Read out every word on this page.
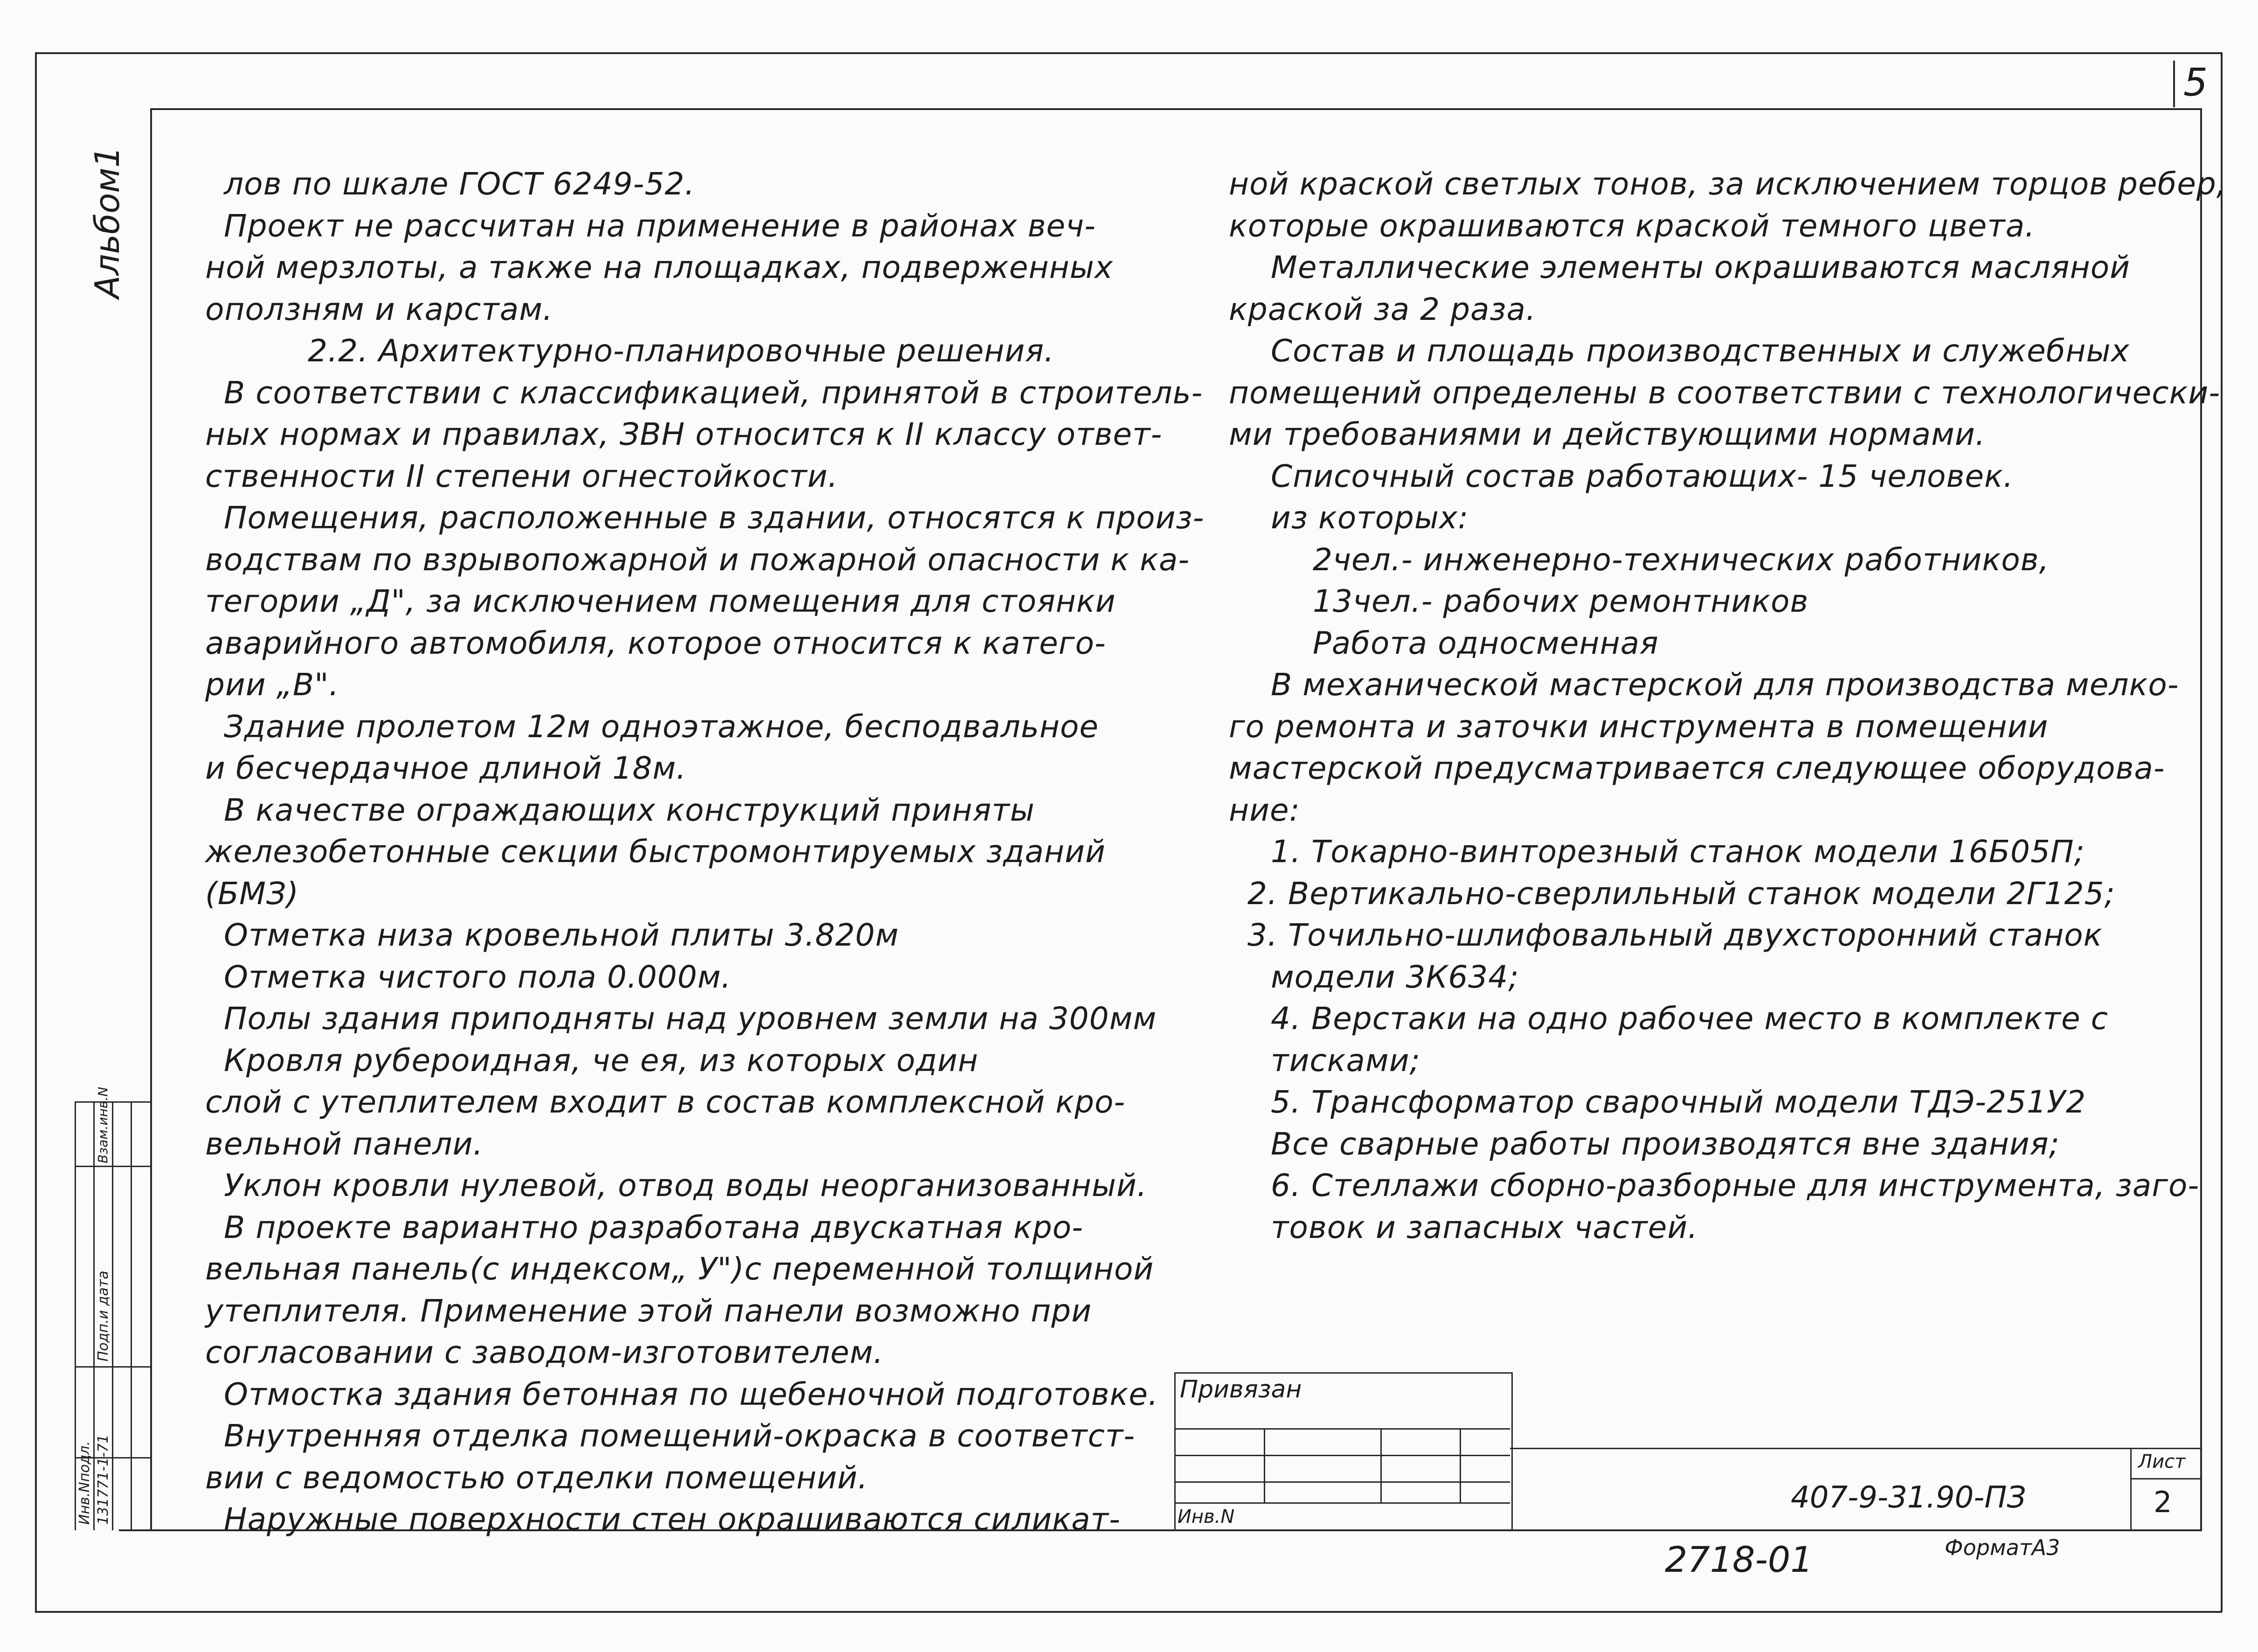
5
Альбом1	лов по шкале ГОСТ 6249-52.
Проект не рассчитан на применение в районах веч-
ной мерзлоты, а также на площадках, подверженных
оползням и карстам.
2.2. Архитектурно-планировочные решения.
В соответствии с классификацией, принятой в строитель-
ных нормах и правилах, ЗВН относится к II классу ответ-
ственности II степени огнестойкости.
Помещения, расположенные в здании, относятся к произ-
водствам по взрывопожарной и пожарной опасности к ка-
тегории „Д", за исключением помещения для стоянки
аварийного автомобиля, которое относится к катего-
рии „В".
Здание пролетом 12м одноэтажное, бесподвальное
и бесчердачное длиной 18м.
В качестве ограждающих конструкций приняты
железобетонные секции быстромонтируемых зданий
(БМЗ)
Отметка низа кровельной плиты 3.820м
Отметка чистого пола 0.000м.
Полы здания приподняты над уровнем земли на 300мм
Кровля рубероидная, че ея, из которых один
слой с утеплителем входит в состав комплексной кро-
вельной панели.
Уклон кровли нулевой, отвод воды неорганизованный.
В проекте вариантно разработана двускатная кро-
вельная панель(с индексом„ У")с переменной толщиной
утеплителя. Применение этой панели возможно при
согласовании с заводом-изготовителем.
Отмостка здания бетонная по щебеночной подготовке.
Внутренняя отделка помещений-окраска в соответст-
вии с ведомостью отделки помещений.
Наружные поверхности стен окрашиваются силикат-
ной краской светлых тонов, за исключением торцов ребер,
которые окрашиваются краской темного цвета.
Металлические элементы окрашиваются масляной
краской за 2 раза.
Состав и площадь производственных и служебных
помещений определены в соответствии с технологически-
ми требованиями и действующими нормами.
Списочный состав работающих- 15 человек.
из которых:
2чел.- инженерно-технических работников,
13чел.- рабочих ремонтников
Работа односменная
В механической мастерской для производства мелко-
го ремонта и заточки инструмента в помещении
мастерской предусматривается следующее оборудова-
ние:
1. Токарно-винторезный станок модели 16Б05П;
2. Вертикально-сверлильный станок модели 2Г125;
3. Точильно-шлифовальный двухсторонний станок
модели 3К634;
4. Верстаки на одно рабочее место в комплекте с
тисками;
5. Трансформатор сварочный модели ТДЭ-251У2
Все сварные работы производятся вне здания;
6. Стеллажи сборно-разборные для инструмента, заго-
товок и запасных частей.
Привязан
Инв.N
407-9-31.90-ПЗ
Лист
2
2718-01	ФорматА3
Инв.Nподл. 131771-1-71
Подп.и дата
Взам.инв.N
